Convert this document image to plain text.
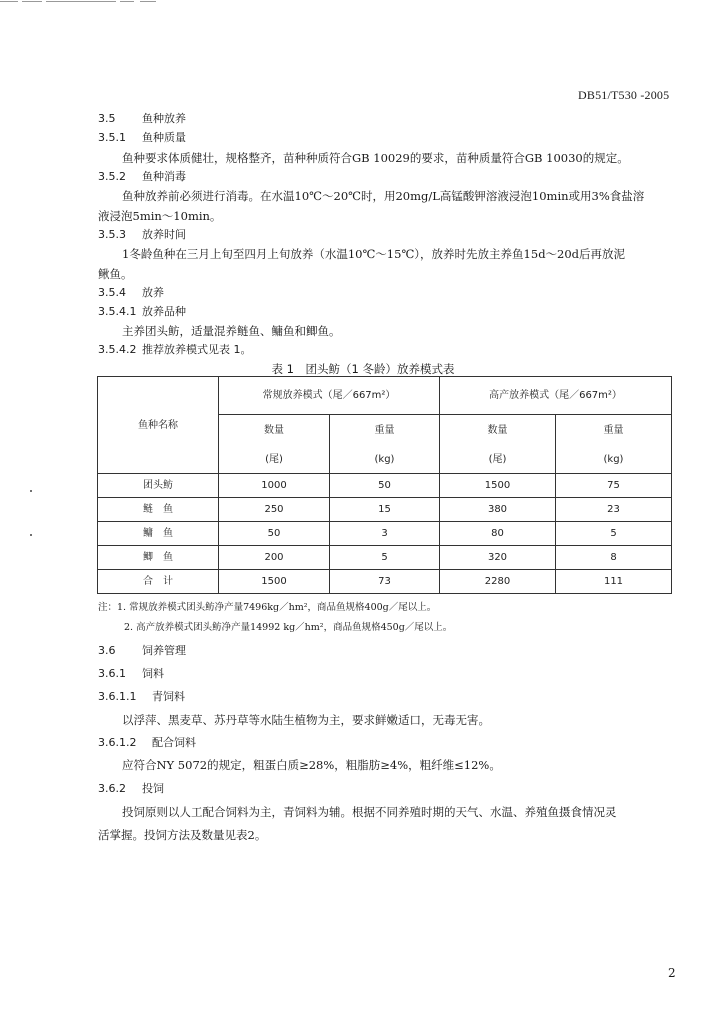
DB51/T530 -2005
3.5 鱼种放养
3.5.1 鱼种质量
鱼种要求体质健壮，规格整齐，苗种种质符合GB 10029的要求，苗种质量符合GB 10030的规定。
3.5.2 鱼种消毒
鱼种放养前必须进行消毒。在水温10℃～20℃时，用20mg/L高锰酸钾溶液浸泡10min或用3%食盐溶
液浸泡5min～10min。
3.5.3 放养时间
1冬龄鱼种在三月上旬至四月上旬放养（水温10℃～15℃），放养时先放主养鱼15d～20d后再放泥
鳅鱼。
3.5.4 放养
3.5.4.1 放养品种
主养团头鲂，适量混养鲢鱼、鳙鱼和鲫鱼。
3.5.4.2 推荐放养模式见表 1。
表 1　团头鲂（1 冬龄）放养模式表
鱼种名称	常规放养模式（尾／667m²）		高产放养模式（尾／667m²）	
	数量	重量	数量	重量
	(尾)	(kg)	(尾)	(kg)
团头鲂	1000	50	1500	75
鲢　鱼	250	15	380	23
鳙　鱼	50	3	80	5
鲫　鱼	200	5	320	8
合　计	1500	73	2280	111
注：1. 常规放养模式团头鲂净产量7496kg／hm²，商品鱼规格400g／尾以上。
2. 高产放养模式团头鲂净产量14992 kg／hm²，商品鱼规格450g／尾以上。
3.6 饲养管理
3.6.1 饲料
3.6.1.1 青饲料
以浮萍、黑麦草、苏丹草等水陆生植物为主，要求鲜嫩适口，无毒无害。
3.6.1.2 配合饲料
应符合NY 5072的规定，粗蛋白质≥28%，粗脂肪≥4%，粗纤维≤12%。
3.6.2 投饲
投饲原则以人工配合饲料为主，青饲料为辅。根据不同养殖时期的天气、水温、养殖鱼摄食情况灵
活掌握。投饲方法及数量见表2。
2
